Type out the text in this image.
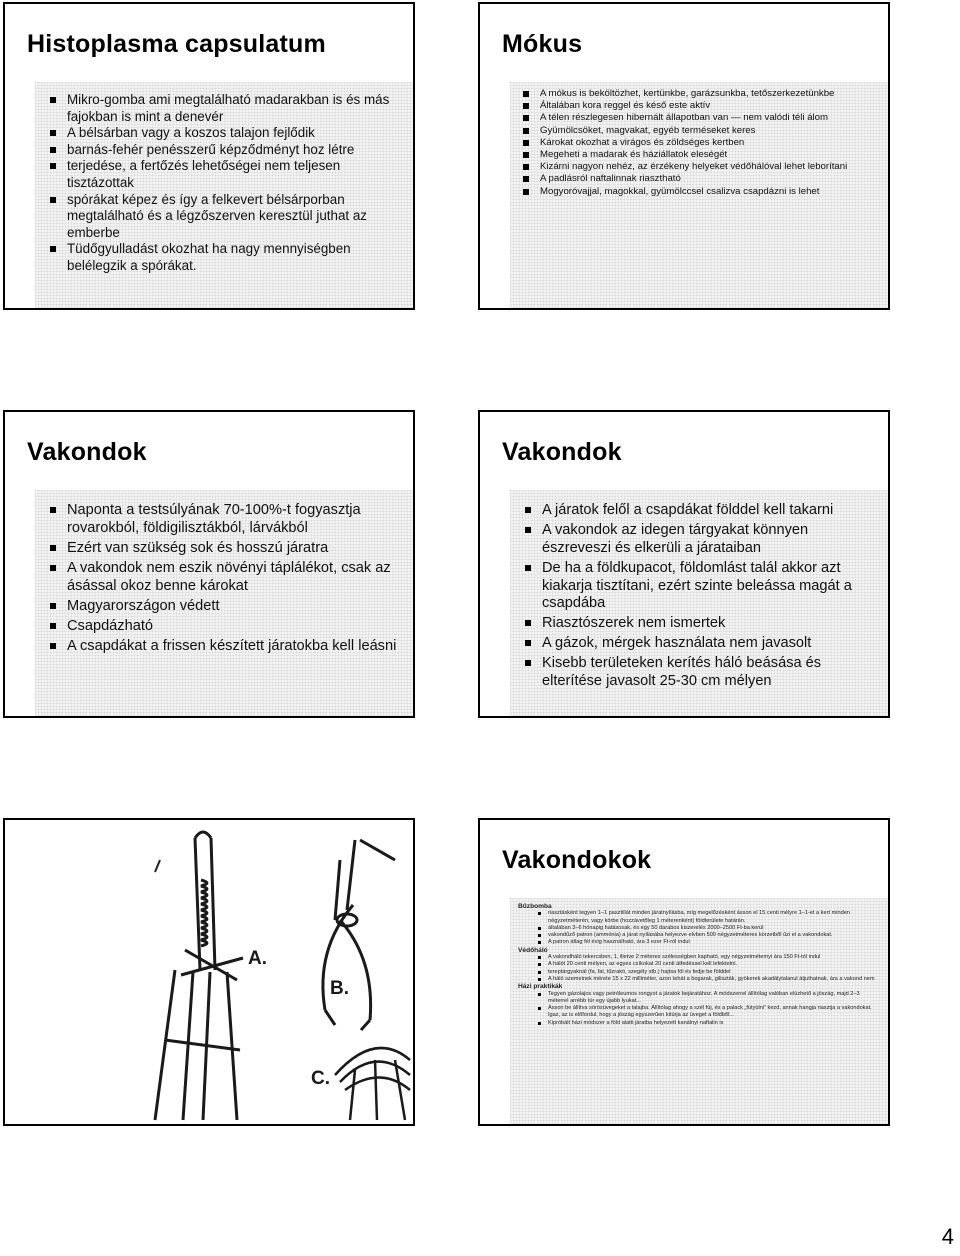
Histoplasma capsulatum
Mikro-gomba ami megtalálható madarakban is és más fajokban is mint a denevér
A bélsárban vagy a koszos talajon fejlődik
barnás-fehér penésszerű képződményt hoz létre
terjedése, a fertőzés lehetőségei nem teljesen tisztázottak
spórákat képez és így a felkevert bélsárporban megtalálható és a légzőszerven keresztül juthat az emberbe
Tüdőgyulladást okozhat ha nagy mennyiségben belélegzik a spórákat.
Mókus
A mókus is beköltözhet, kertünkbe, garázsunkba, tetőszerkezetünkbe
Általában kora reggel és késő este aktív
A télen részlegesen hibernált állapotban van — nem valódi téli álom
Gyümölcsöket, magvakat, egyéb terméseket keres
Károkat okozhat a virágos és zöldséges kertben
Megeheti a madarak és háziállatok eleségét
Kizárni nagyon nehéz, az érzékeny helyeket védőhálóval lehet leborítani
A padlásról naftalinnak riasztható
Mogyoróvajjal, magokkal, gyümölccsel csalizva csapdázni is lehet
Vakondok
Naponta a testsúlyának 70-100%-t fogyasztja rovarokból, földigilisztákból, lárvákból
Ezért van szükség sok és hosszú járatra
A vakondok nem eszik növényi táplálékot, csak az ásással okoz benne károkat
Magyarországon védett
Csapdázható
A csapdákat a frissen készített járatokba kell leásni
Vakondok
A járatok felől a csapdákat földdel kell takarni
A vakondok az idegen tárgyakat könnyen észreveszi és elkerüli a járataiban
De ha a földkupacot, földomlást talál akkor azt kiakarja tisztítani, ezért szinte beleássa magát a csapdába
Riasztószerek nem ismertek
A gázok, mérgek használata nem javasolt
Kisebb területeken kerítés háló beásása és elterítése javasolt 25-30 cm mélyen
A.
B.
C.
Vakondokok
Bűzbomba
riasztásként tegyen 1–1 pasztillát minden járatnyílásba, míg megelőzésként ásson el 15 centi mélyre 1–1-et a kert minden négyzetméterén, vagy körbe (hozzávetőleg 1 méterenként) földterülete határán.
általában 3–6 hónapig hatásosak, és egy 50 darabos kiszerelés 2000–2500 Ft-ba kerül
vakondűző patron (ammónia) a járat nyílásába helyezve elvben 500 négyzetméteres körzetből űzi el a vakondokat.
A patron átlag fél évig használható, ára 3 ezer Ft-ról indul
Védőháló
A vakondháló tekercsben, 1, illetve 2 méteres szélességben kapható, egy négyzetmétemyi ára 150 Ft-tól indul
A hálót 20 centi mélyen, az egyes csíkokat 20 centi átfedéssel kell lefektetni.
tereptárgyaknál (fa, fal, tűzrakó, szegély stb.) hajtsa föl és fedje be földdel
A háló szemeinek mérete 15 x 22 milliméter, azon tehát a bogarak, giliszták, gyökerek akadálytalanul átjuthatnak, ára a vakond nem
Házi praktikák
Tegyen gázolajos vagy petróleumos rongyot a járatok bejáratához. A módszerrel állítólag valóban elüzhető a jószág, majd 2–3 méterrel arrébb túr egy újabb lyukat...
Ásson be állítva sörösüvegeket a talajba. Állítólag ahogy a szél fúj, és a palack „fütyülni” kezd, annak hangja riasztja a vakondokat. Igaz, az is előfordul, hogy a jószág egyszerűen kitúrja az üveget a földből...
Kipróbált házi módszer a föld alatti járatba helyezett kanálnyi naftalin is
4
